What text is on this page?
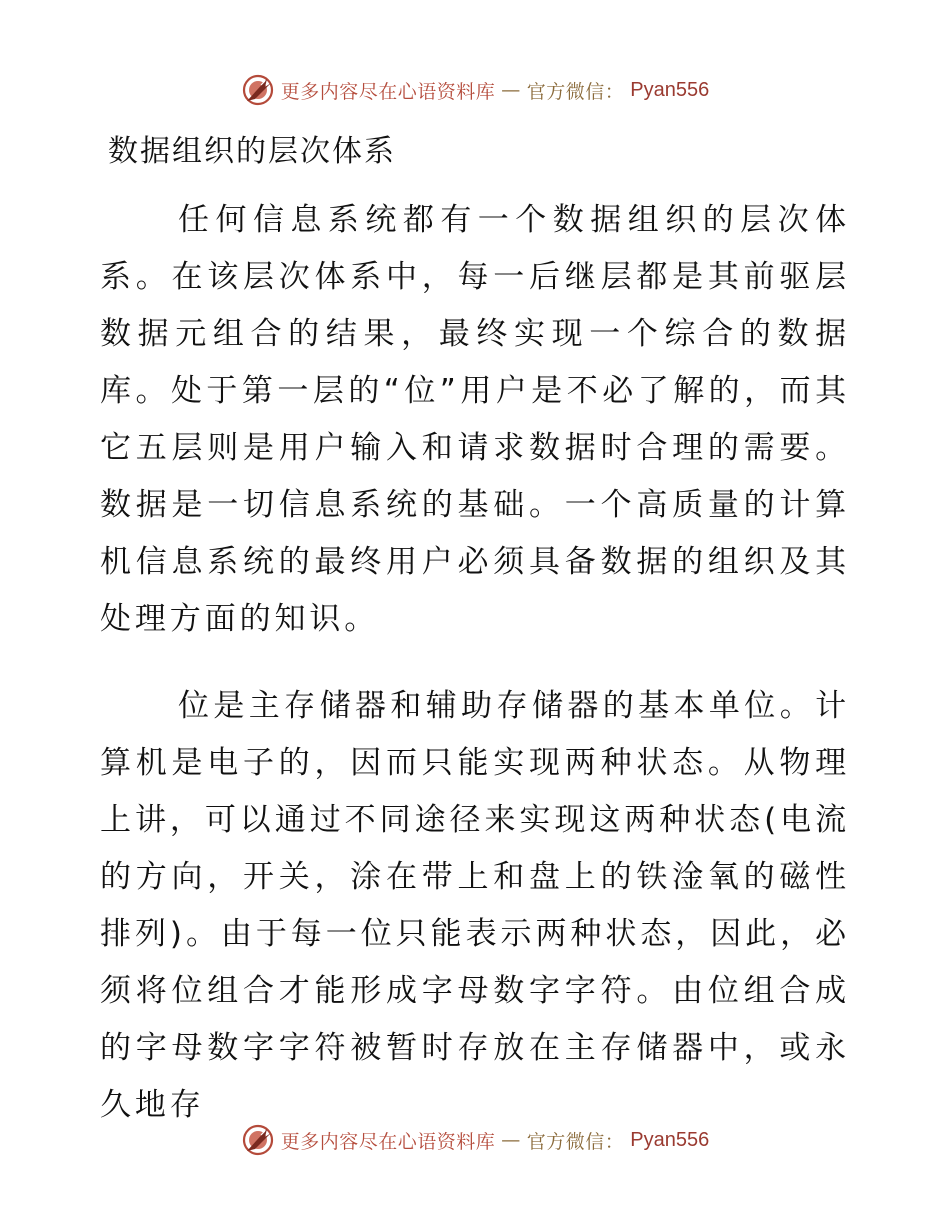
更多内容尽在心语资料库 — 官方微信： Pyan556
数据组织的层次体系

任何信息系统都有一个数据组织的层次体系。在该层次体系中，每一后继层都是其前驱层数据元组合的结果，最终实现一个综合的数据库。处于第一层的“位”用户是不必了解的，而其它五层则是用户输入和请求数据时合理的需要。数据是一切信息系统的基础。一个高质量的计算机信息系统的最终用户必须具备数据的组织及其处理方面的知识。

位是主存储器和辅助存储器的基本单位。计算机是电子的，因而只能实现两种状态。从物理上讲，可以通过不同途径来实现这两种状态(电流的方向，开关，涂在带上和盘上的铁淦氧的磁性排列)。由于每一位只能表示两种状态，因此，必须将位组合才能形成字母数字字符。由位组合成的字母数字字符被暂时存放在主存储器中，或永久地存

更多内容尽在心语资料库 — 官方微信： Pyan556
